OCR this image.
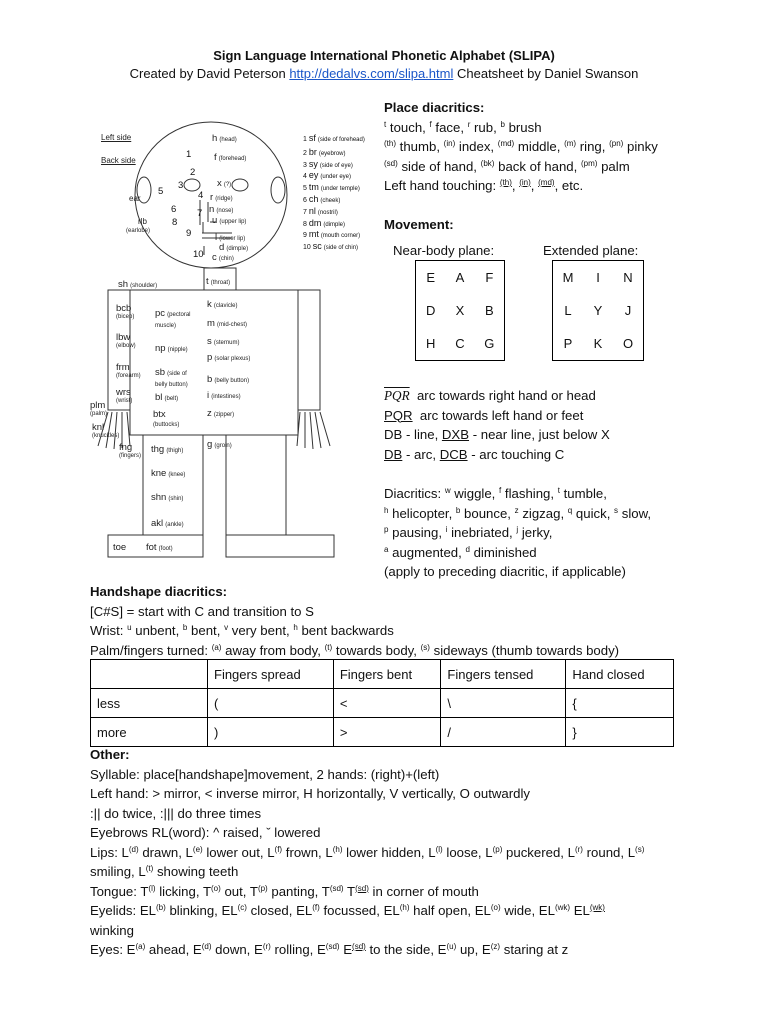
Sign Language International Phonetic Alphabet (SLIPA)
Created by David Peterson http://dedalvs.com/slipa.html Cheatsheet by Daniel Swanson
Left side
Back side
ear
rlb
(earlobe)
1
2
3
4
5
6 7
8
9
10
h (head)
f (forehead)
x (?)
r (ridge)
n (nose)
u (upper lip)
l (lower lip)
d (dimple)
c (chin)
1 sf (side of forehead)
2 br (eyebrow)
3 sy (side of eye)
4 ey (under eye)
5 tm (under temple)
6 ch (cheek)
7 nl (nostril)
8 dm (dimple)
9 mt (mouth corner)
10 sc (side of chin)
sh (shoulder)	t (throat)
k (clavicle)
pc (pectoral muscle)	m (mid-chest)
np (nipple)
s (sternum)
p (solar plexus)
sb (side of belly button)	b (belly button)
bl (belt)	i (intestines)
btx (buttocks)
z (zipper)
g (groin)
bcb
(bicep)
lbw
(elbow)
frm
(forearm)
wrs
(wrist)
plm
(palm)
knl
(knuckles)
fng
(fingers)
thg (thigh)
kne (knee)
shn (shin)
akl (ankle)
toe fot (foot)
Place diacritics:
$^t$ touch, $^f$ face, $^r$ rub, $^b$ brush
$^{(th)}$ thumb, $^{(in)}$ index, $^{(md)}$ middle, $^{(m)}$ ring, $^{(pn)}$ pinky
$^{(sd)}$ side of hand, $^{(bk)}$ back of hand, $^{(pm)}$ palm
Left hand touching: $^{(th)}$, $^{(in)}$, $^{(md)}$, etc.
Movement:
Near-body plane:	Extended plane:
E	A	F
D	X	B
H	C	G
M	I	N
L	Y	J
P	K	O
$\overline{PQR}$ arc towards right hand or head
PQR arc towards left hand or feet
DB - line, DXB - near line, just below X
DB - arc, DCB - arc touching C
Diacritics: $^w$ wiggle, $^f$ flashing, $^t$ tumble,
$^h$ helicopter, $^b$ bounce, $^z$ zigzag, $^q$ quick, $^s$ slow,
$^p$ pausing, $^i$ inebriated, $^j$ jerky,
$^a$ augmented, $^d$ diminished
(apply to preceding diacritic, if applicable)
Handshape diacritics:
[C#S] = start with C and transition to S
Wrist: $^u$ unbent, $^b$ bent, $^v$ very bent, $^h$ bent backwards
Palm/fingers turned: $^{(a)}$ away from body, $^{(t)}$ towards body, $^{(s)}$ sideways (thumb towards body)
	Fingers spread	Fingers bent	Fingers tensed	Hand closed
less	(	<	\	{
more	)	>	/	}
Other:
Syllable: place[handshape]movement, 2 hands: (right)+(left)
Left hand: > mirror, < inverse mirror, H horizontally, V vertically, O outwardly
:|| do twice, :||| do three times
Eyebrows RL(word): ^ raised, ˇ lowered
Lips: $L^{(d)}$ drawn, $L^{(e)}$ lower out, $L^{(f)}$ frown, $L^{(h)}$ lower hidden, $L^{(l)}$ loose, $L^{(p)}$ puckered, $L^{(r)}$ round, $L^{(s)}$
smiling, $L^{(t)}$ showing teeth
Tongue: $T^{(l)}$ licking, $T^{(o)}$ out, $T^{(p)}$ panting, $T^{(sd)}$ $T^{(sd)}$ in corner of mouth
Eyelids: EL$^{(b)}$ blinking, EL$^{(c)}$ closed, EL$^{(f)}$ focussed, EL$^{(h)}$ half open, EL$^{(o)}$ wide, $EL^{(wk)}$ $EL^{(wk)}$
winking
Eyes: $E^{(a)}$ ahead, $E^{(d)}$ down, $E^{(r)}$ rolling, $E^{(sd)}$ $E^{(sd)}$ to the side, $E^{(u)}$ up, $E^{(z)}$ staring at z
